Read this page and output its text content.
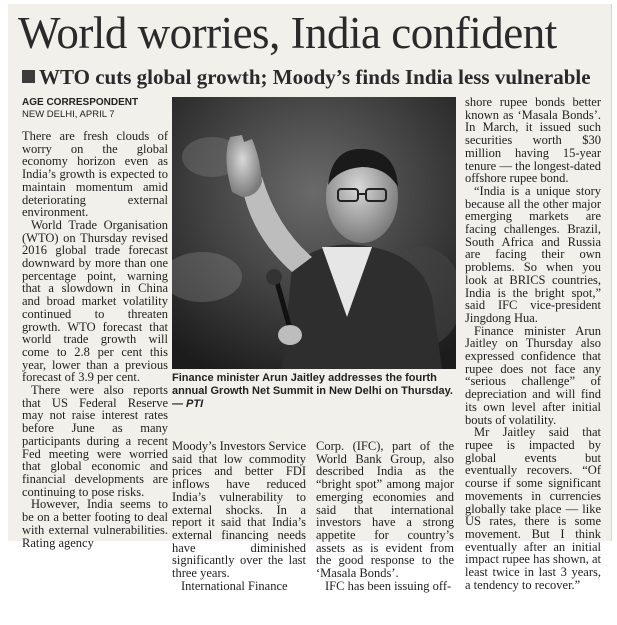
World worries, India confident
WTO cuts global growth; Moody’s finds India less vulnerable
AGE CORRESPONDENT
NEW DELHI, APRIL 7

There are fresh clouds of worry on the global economy horizon even as India’s growth is expected to maintain momentum amid deteriorating external environment.

World Trade Organisation (WTO) on Thursday revised 2016 global trade forecast downward by more than one percentage point, warning that a slowdown in China and broad market volatility continued to threaten growth. WTO forecast that world trade growth will come to 2.8 per cent this year, lower than a previous forecast of 3.9 per cent.

There were also reports that US Federal Reserve may not raise interest rates before June as many participants during a recent Fed meeting were worried that global economic and financial developments are continuing to pose risks.

However, India seems to be on a better footing to deal with external vulnerabilities. Rating agency

Finance minister Arun Jaitley addresses the fourth annual Growth Net Summit in New Delhi on Thursday. — PTI

Moody’s Investors Service said that low commodity prices and better FDI inflows have reduced India’s vulnerability to external shocks. In a report it said that India’s external financing needs have diminished significantly over the last three years.

International Finance

Corp. (IFC), part of the World Bank Group, also described India as the “bright spot” among major emerging economies and said that international investors have a strong appetite for country’s assets as is evident from the good response to the ‘Masala Bonds’.

IFC has been issuing off-

shore rupee bonds better known as ‘Masala Bonds’. In March, it issued such securities worth $30 million having 15-year tenure — the longest-dated offshore rupee bond.

“India is a unique story because all the other major emerging markets are facing challenges. Brazil, South Africa and Russia are facing their own problems. So when you look at BRICS countries, India is the bright spot,” said IFC vice-president Jingdong Hua.

Finance minister Arun Jaitley on Thursday also expressed confidence that rupee does not face any “serious challenge” of depreciation and will find its own level after initial bouts of volatility.

Mr Jaitley said that rupee is impacted by global events but eventually recovers. “Of course if some significant movements in currencies globally take place — like US rates, there is some movement. But I think eventually after an initial impact rupee has shown, at least twice in last 3 years, a tendency to recover.”
